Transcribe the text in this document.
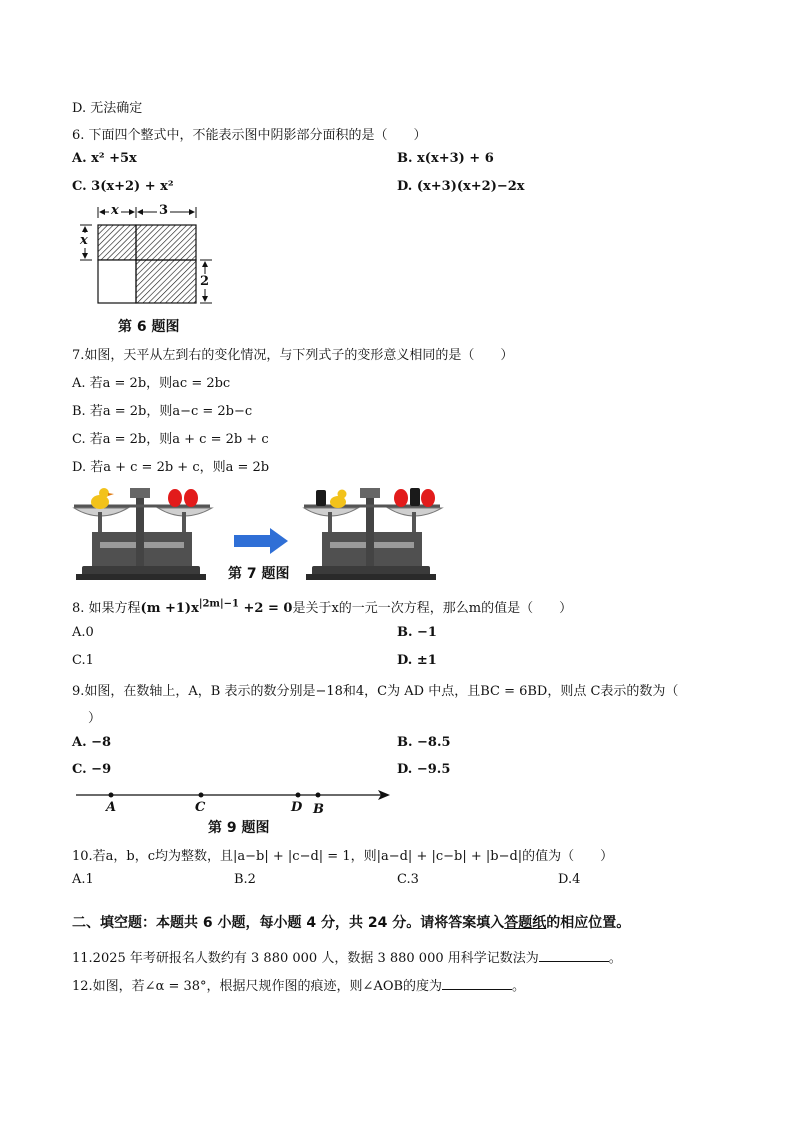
D. 无法确定
6. 下面四个整式中，不能表示图中阴影部分面积的是（　　）
A. x² +5x	B. x(x+3) + 6
C. 3(x+2) + x²	D. (x+3)(x+2)−2x
x	3
x
2
第 6 题图
7.如图，天平从左到右的变化情况，与下列式子的变形意义相同的是（　　）
A. 若a = 2b，则ac = 2bc
B. 若a = 2b，则a−c = 2b−c
C. 若a = 2b，则a + c = 2b + c
D. 若a + c = 2b + c，则a = 2b
第 7 题图
8. 如果方程$(m +1)x^{|2m|-1} +2 = 0$是关于x的一元一次方程，那么m的值是（　　）
A.0	B. −1
C.1	D. ±1
9.如图，在数轴上，A，B 表示的数分别是−18和4，C为 AD 中点，且BC = 6BD，则点 C表示的数为（
）
A. −8	B. −8.5
C. −9	D. −9.5
A	C	D B
第 9 题图
10.若a，b，c均为整数，且|a−b| + |c−d| = 1，则|a−d| + |c−b| + |b−d|的值为（　　）
A.1	B.2	C.3	D.4
二、填空题：本题共 6 小题，每小题 4 分，共 24 分。请将答案填入答题纸的相应位置。
11.2025 年考研报名人数约有 3 880 000 人，数据 3 880 000 用科学记数法为	。
12.如图，若∠α = 38°，根据尺规作图的痕迹，则∠AOB的度为	。
